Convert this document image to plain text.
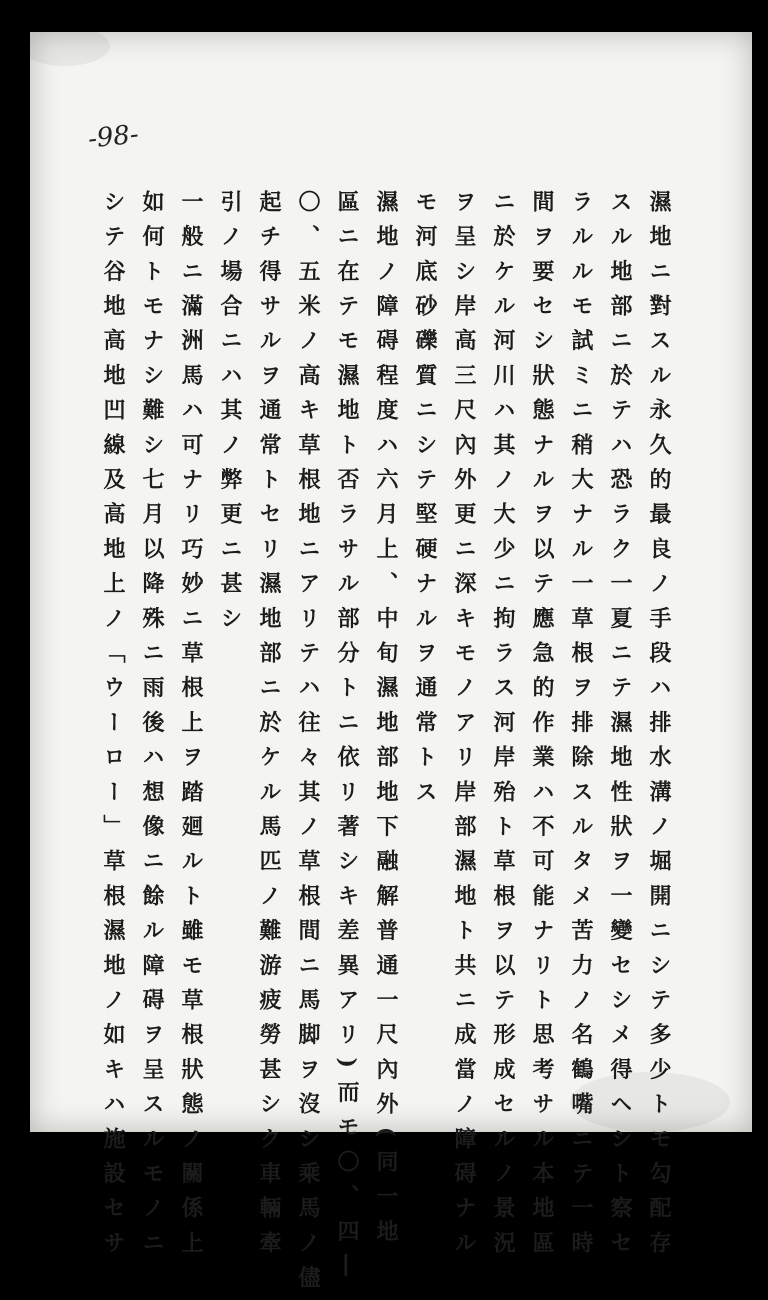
-98-
濕地ニ對スル永久的最良ノ手段ハ排水溝ノ堀開ニシテ多少トモ勾配存
スル地部ニ於テハ恐ラク一夏ニテ濕地性狀ヲ一變セシメ得ヘシト察セ
ラルルモ試ミニ稍大ナル一草根ヲ排除スルタメ苦力ノ名鶴嘴ニテ一時
間ヲ要セシ狀態ナルヲ以テ應急的作業ハ不可能ナリト思考サル本地區
ニ於ケル河川ハ其ノ大少ニ拘ラス河岸殆ト草根ヲ以テ形成セルノ景況
ヲ呈シ岸高三尺內外更ニ深キモノアリ岸部濕地ト共ニ成當ノ障碍ナル
モ河底砂礫質ニシテ堅硬ナルヲ通常トス
濕地ノ障碍程度ハ六月上、中旬濕地部地下融解普通一尺內外(同一地
區ニ在テモ濕地ト否ラサル部分トニ依リ著シキ差異アリ)而モ〇、四―
〇、五米ノ高キ草根地ニアリテハ往々其ノ草根間ニ馬脚ヲ沒シ乘馬ノ儘
起チ得サルヲ通常トセリ濕地部ニ於ケル馬匹ノ難游疲勞甚シク車輛牽
引ノ場合ニハ其ノ弊更ニ甚シ
一般ニ滿洲馬ハ可ナリ巧妙ニ草根上ヲ踏廻ルト雖モ草根狀態ノ關係上
如何トモナシ難シ七月以降殊ニ雨後ハ想像ニ餘ル障碍ヲ呈スルモノニ
シテ谷地高地凹線及高地上ノ「ウーロー」草根濕地ノ如キハ施設セサ
